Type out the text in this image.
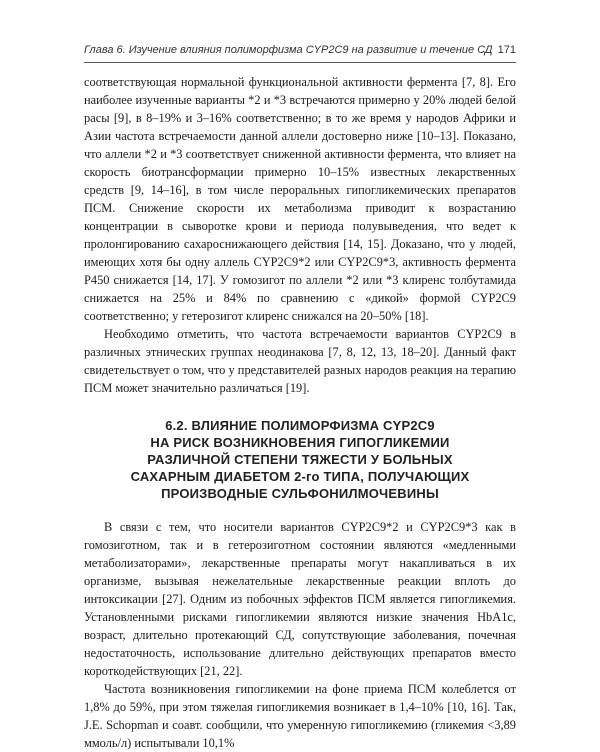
Глава 6. Изучение влияния полиморфизма CYP2C9 на развитие и течение СД 171

соответствующая нормальной функциональной активности фермента [7, 8]. Его наиболее изученные варианты *2 и *3 встречаются примерно у 20% людей белой расы [9], в 8–19% и 3–16% соответственно; в то же время у народов Африки и Азии частота встречаемости данной аллели достоверно ниже [10–13]. Показано, что аллели *2 и *3 соответствует сниженной активности фермента, что влияет на скорость биотрансформации примерно 10–15% известных лекарственных средств [9, 14–16], в том числе пероральных гипогликемических препаратов ПСМ. Снижение скорости их метаболизма приводит к возрастанию концентрации в сыворотке крови и периода полувыведения, что ведет к пролонгированию сахароснижающего действия [14, 15]. Доказано, что у людей, имеющих хотя бы одну аллель CYP2C9*2 или CYP2C9*3, активность фермента P450 снижается [14, 17]. У гомозигот по аллели *2 или *3 клиренс толбутамида снижается на 25% и 84% по сравнению с «дикой» формой CYP2C9 соответственно; у гетерозигот клиренс снижался на 20–50% [18].

Необходимо отметить, что частота встречаемости вариантов CYP2C9 в различных этнических группах неодинакова [7, 8, 12, 13, 18–20]. Данный факт свидетельствует о том, что у представителей разных народов реакция на терапию ПСМ может значительно различаться [19].

6.2. ВЛИЯНИЕ ПОЛИМОРФИЗМА CYP2C9
НА РИСК ВОЗНИКНОВЕНИЯ ГИПОГЛИКЕМИИ
РАЗЛИЧНОЙ СТЕПЕНИ ТЯЖЕСТИ У БОЛЬНЫХ
САХАРНЫМ ДИАБЕТОМ 2-го ТИПА, ПОЛУЧАЮЩИХ
ПРОИЗВОДНЫЕ СУЛЬФОНИЛМОЧЕВИНЫ

В связи с тем, что носители вариантов CYP2C9*2 и CYP2C9*3 как в гомозиготном, так и в гетерозиготном состоянии являются «медленными метаболизаторами», лекарственные препараты могут накапливаться в их организме, вызывая нежелательные лекарственные реакции вплоть до интоксикации [27]. Одним из побочных эффектов ПСМ является гипогликемия. Установленными рисками гипогликемии являются низкие значения HbA1c, возраст, длительно протекающий СД, сопутствующие заболевания, почечная недостаточность, использование длительно действующих препаратов вместо короткодействующих [21, 22].

Частота возникновения гипогликемии на фоне приема ПСМ колеблется от 1,8% до 59%, при этом тяжелая гипогликемия возникает в 1,4–10% [10, 16]. Так, J.E. Schopman и соавт. сообщили, что умеренную гипогликемию (гликемия <3,89 ммоль/л) испытывали 10,1%
